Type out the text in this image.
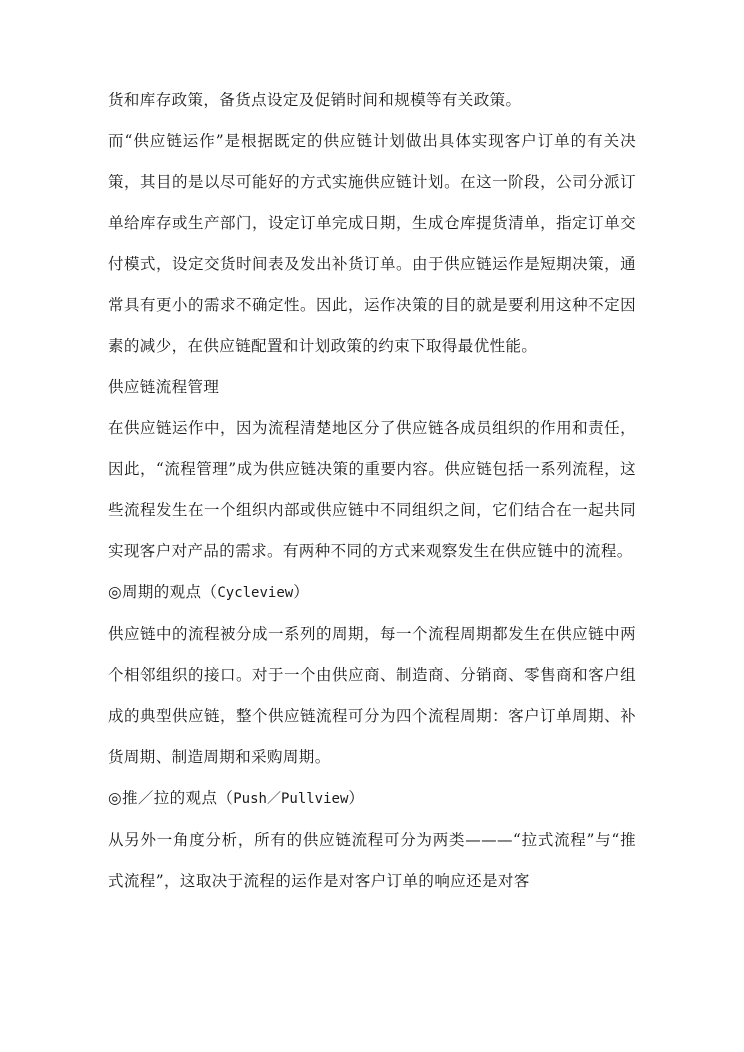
货和库存政策，备货点设定及促销时间和规模等有关政策。

而“供应链运作”是根据既定的供应链计划做出具体实现客户订单的有关决策，其目的是以尽可能好的方式实施供应链计划。在这一阶段，公司分派订单给库存或生产部门，设定订单完成日期，生成仓库提货清单，指定订单交付模式，设定交货时间表及发出补货订单。由于供应链运作是短期决策，通常具有更小的需求不确定性。因此，运作决策的目的就是要利用这种不定因素的减少，在供应链配置和计划政策的约束下取得最优性能。

供应链流程管理

在供应链运作中，因为流程清楚地区分了供应链各成员组织的作用和责任，因此，“流程管理”成为供应链决策的重要内容。供应链包括一系列流程，这些流程发生在一个组织内部或供应链中不同组织之间，它们结合在一起共同实现客户对产品的需求。有两种不同的方式来观察发生在供应链中的流程。

◎周期的观点（Cycleview）

供应链中的流程被分成一系列的周期，每一个流程周期都发生在供应链中两个相邻组织的接口。对于一个由供应商、制造商、分销商、零售商和客户组成的典型供应链，整个供应链流程可分为四个流程周期：客户订单周期、补货周期、制造周期和采购周期。

◎推／拉的观点（Push／Pullview）

从另外一角度分析，所有的供应链流程可分为两类———“拉式流程”与“推式流程”，这取决于流程的运作是对客户订单的响应还是对客
